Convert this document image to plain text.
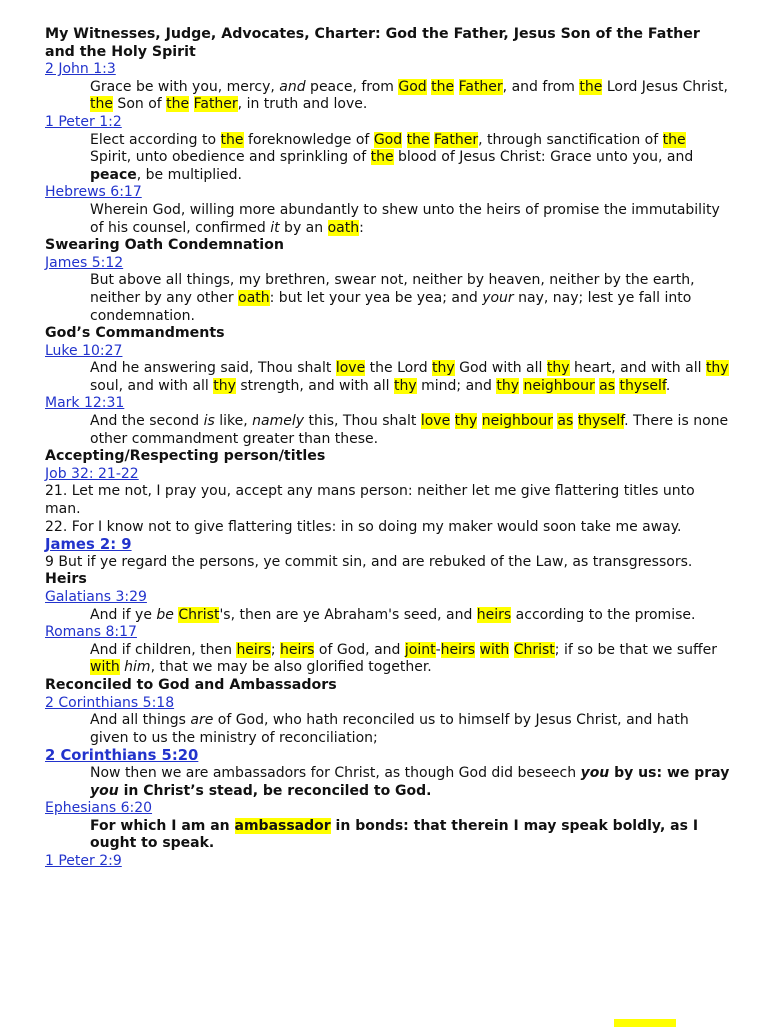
My Witnesses, Judge, Advocates, Charter: God the Father, Jesus Son of the Father and the Holy Spirit
2 John 1:3
Grace be with you, mercy, and peace, from God the Father, and from the Lord Jesus Christ, the Son of the Father, in truth and love.
1 Peter 1:2
Elect according to the foreknowledge of God the Father, through sanctification of the Spirit, unto obedience and sprinkling of the blood of Jesus Christ: Grace unto you, and peace, be multiplied.
Hebrews 6:17
Wherein God, willing more abundantly to shew unto the heirs of promise the immutability of his counsel, confirmed it by an oath:
Swearing Oath Condemnation
James 5:12
But above all things, my brethren, swear not, neither by heaven, neither by the earth, neither by any other oath: but let your yea be yea; and your nay, nay; lest ye fall into condemnation.
God’s Commandments
Luke 10:27
And he answering said, Thou shalt love the Lord thy God with all thy heart, and with all thy soul, and with all thy strength, and with all thy mind; and thy neighbour as thyself.
Mark 12:31
And the second is like, namely this, Thou shalt love thy neighbour as thyself. There is none other commandment greater than these.
Accepting/Respecting person/titles
Job 32: 21-22
21. Let me not, I pray you, accept any mans person: neither let me give flattering titles unto man.
22. For I know not to give flattering titles: in so doing my maker would soon take me away.
James 2: 9
9 But if ye regard the persons, ye commit sin, and are rebuked of the Law, as transgressors.
Heirs
Galatians 3:29
And if ye be Christ's, then are ye Abraham's seed, and heirs according to the promise.
Romans 8:17
And if children, then heirs; heirs of God, and joint-heirs with Christ; if so be that we suffer with him, that we may be also glorified together.
Reconciled to God and Ambassadors
2 Corinthians 5:18
And all things are of God, who hath reconciled us to himself by Jesus Christ, and hath given to us the ministry of reconciliation;
2 Corinthians 5:20
Now then we are ambassadors for Christ, as though God did beseech you by us: we pray you in Christ’s stead, be reconciled to God.
Ephesians 6:20
For which I am an ambassador in bonds: that therein I may speak boldly, as I ought to speak.
1 Peter 2:9
